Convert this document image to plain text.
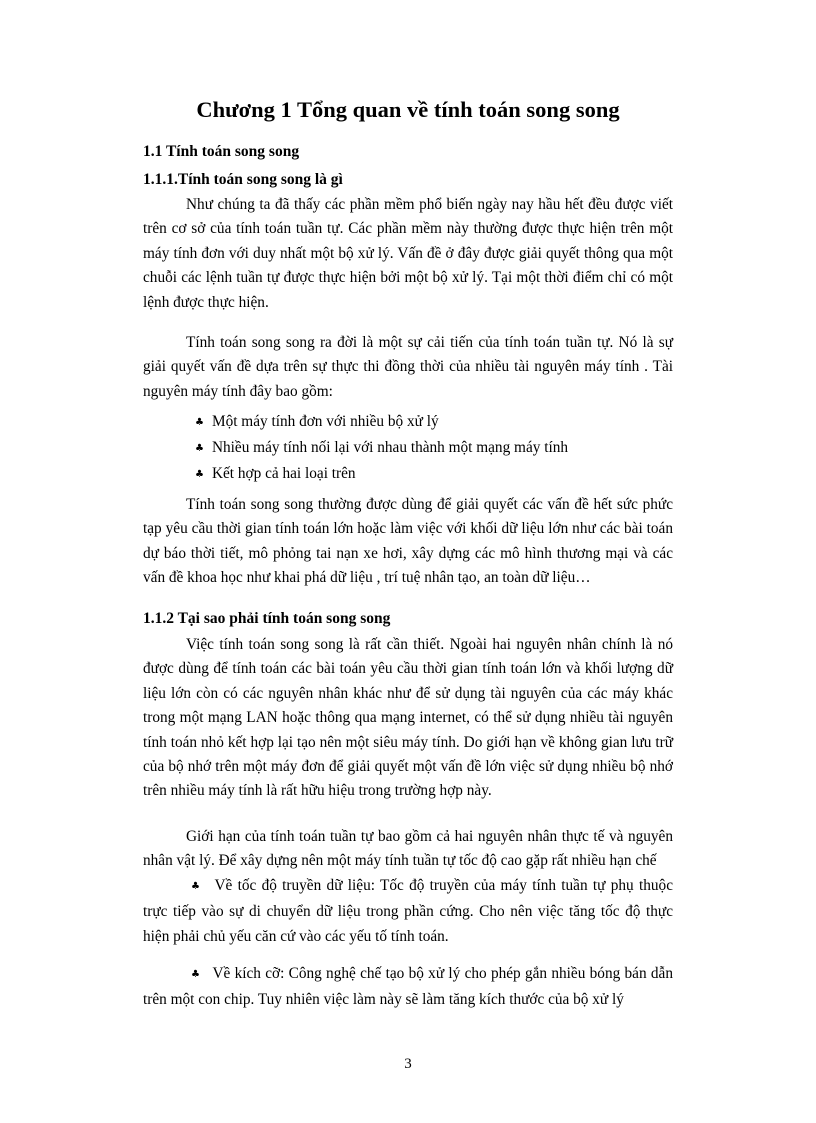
Chương 1 Tổng quan về tính toán song song
1.1 Tính toán song song
1.1.1.Tính toán song song là gì

Như chúng ta đã thấy các phần mềm phổ biến ngày nay hầu hết đều được viết trên cơ sở của tính toán tuần tự. Các phần mềm này thường được thực hiện trên một máy tính đơn với duy nhất một bộ xử lý. Vấn đề ở đây được giải quyết thông qua một chuỗi các lệnh tuần tự được thực hiện bởi một bộ xử lý. Tại một thời điểm chỉ có một lệnh được thực hiện.

Tính toán song song ra đời là một sự cải tiến của tính toán tuần tự. Nó là sự giải quyết vấn đề dựa trên sự thực thi đồng thời của nhiều tài nguyên máy tính . Tài nguyên máy tính đây bao gồm:

♣ Một máy tính đơn với nhiều bộ xử lý
♣ Nhiều máy tính nối lại với nhau thành một mạng máy tính
♣ Kết hợp cả hai loại trên

Tính toán song song thường được dùng để giải quyết các vấn đề hết sức phức tạp yêu cầu thời gian tính toán lớn hoặc làm việc với khối dữ liệu lớn như các bài toán dự báo thời tiết, mô phỏng tai nạn xe hơi, xây dựng các mô hình thương mại và các vấn đề khoa học như khai phá dữ liệu , trí tuệ nhân tạo, an toàn dữ liệu…

1.1.2 Tại sao phải tính toán song song

Việc tính toán song song là rất cần thiết. Ngoài hai nguyên nhân chính là nó được dùng để tính toán các bài toán yêu cầu thời gian tính toán lớn và khối lượng dữ liệu lớn còn có các nguyên nhân khác như để sử dụng tài nguyên của các máy khác trong một mạng LAN hoặc thông qua mạng internet, có thể sử dụng nhiều tài nguyên tính toán nhỏ kết hợp lại tạo nên một siêu máy tính. Do giới hạn về không gian lưu trữ của bộ nhớ trên một máy đơn để giải quyết một vấn đề lớn việc sử dụng nhiều bộ nhớ trên nhiều máy tính là rất hữu hiệu trong trường hợp này.

Giới hạn của tính toán tuần tự bao gồm cả hai nguyên nhân thực tế và nguyên nhân vật lý. Để xây dựng nên một máy tính tuần tự tốc độ cao gặp rất nhiều hạn chế

♣ Về tốc độ truyền dữ liệu: Tốc độ truyền của máy tính tuần tự phụ thuộc trực tiếp vào sự di chuyển dữ liệu trong phần cứng. Cho nên việc tăng tốc độ thực hiện phải chủ yếu căn cứ vào các yếu tố tính toán.

♣ Về kích cỡ: Công nghệ chế tạo bộ xử lý cho phép gắn nhiều bóng bán dẫn trên một con chip. Tuy nhiên việc làm này sẽ làm tăng kích thước của bộ xử lý

3
